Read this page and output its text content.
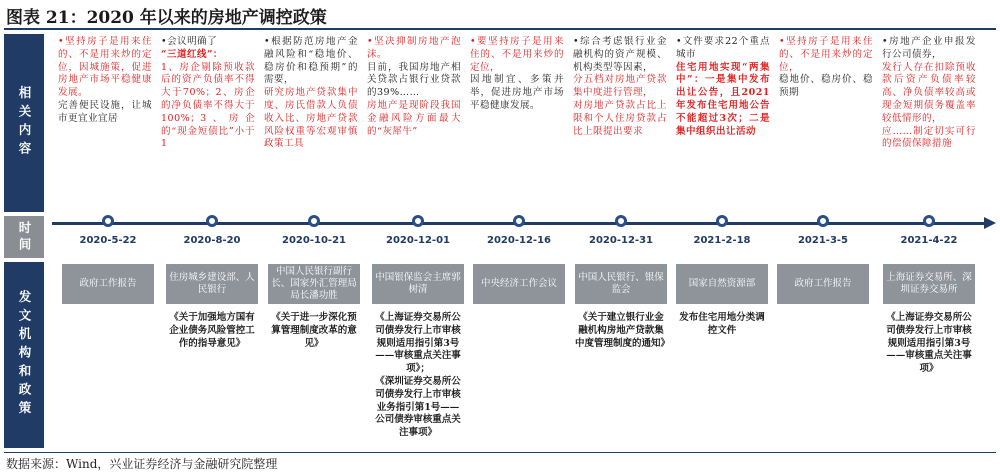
图表 21：2020 年以来的房地产调控政策
相关内容
时间
发文机构和政策
•坚持房子是用来住的、不是用来炒的定位，因城施策，促进房地产市场平稳健康发展。
完善便民设施，让城市更宜业宜居
2020-5-22
政府工作报告
•会议明确了
“三道红线”：
1、房企剔除预收款后的资产负债率不得大于70%；2、房企的净负债率不得大于100%；3、房企的“现金短债比”小于1
2020-8-20
住房城乡建设部、人民银行
《关于加强地方国有企业债务风险管控工作的指导意见》
•根据防范房地产金融风险和“稳地价、稳房价和稳预期”的需要，
研究房地产贷款集中度、房氏借款人负债收入比、房地产贷款风险权重等宏观审慎政策工具
2020-10-21
中国人民银行副行长、国家外汇管理局局长潘功胜
《关于进一步深化预算管理制度改革的意见》
•坚决抑制房地产泡沫。
目前，我国房地产相关贷款占银行业贷款的39%……
房地产是现阶段我国金融风险方面最大的“灰犀牛”
2020-12-01
中国银保监会主席郭树清
《上海证券交易所公司债券发行上市审核规则适用指引第3号——审核重点关注事项》；
《深圳证券交易所公司债券发行上市审核业务指引第1号——公司债券审核重点关注事项》
•要坚持房子是用来住的、不是用来炒的定位，
因地制宜、多策并举，促进房地产市场平稳健康发展。
2020-12-16
中央经济工作会议
•综合考虑银行业金融机构的资产规模、机构类型等因素，
分五档对房地产贷款集中度进行管理，
对房地产贷款占比上限和个人住房贷款占比上限提出要求
2020-12-31
中国人民银行、银保监会
《关于建立银行业金融机构房地产贷款集中度管理制度的通知》
•文件要求22个重点城市
住宅用地实现“两集中”：一是集中发布出让公告，且2021年发布住宅用地公告不能超过3次；二是集中组织出让活动
2021-2-18
国家自然资源部
发布住宅用地分类调控文件
•坚持房子是用来住的、不是用来炒的定位，
稳地价、稳房价、稳预期
2021-3-5
政府工作报告
•房地产企业申报发行公司债券，
发行人存在扣除预收款后资产负债率较高、净负债率较高或现金短期债务覆盖率较低情形的，
应……制定切实可行的偿债保障措施
2021-4-22
上海证券交易所、深圳证券交易所
《上海证券交易所公司债券发行上市审核规则适用指引第3号——审核重点关注事项》
数据来源：Wind，兴业证券经济与金融研究院整理
